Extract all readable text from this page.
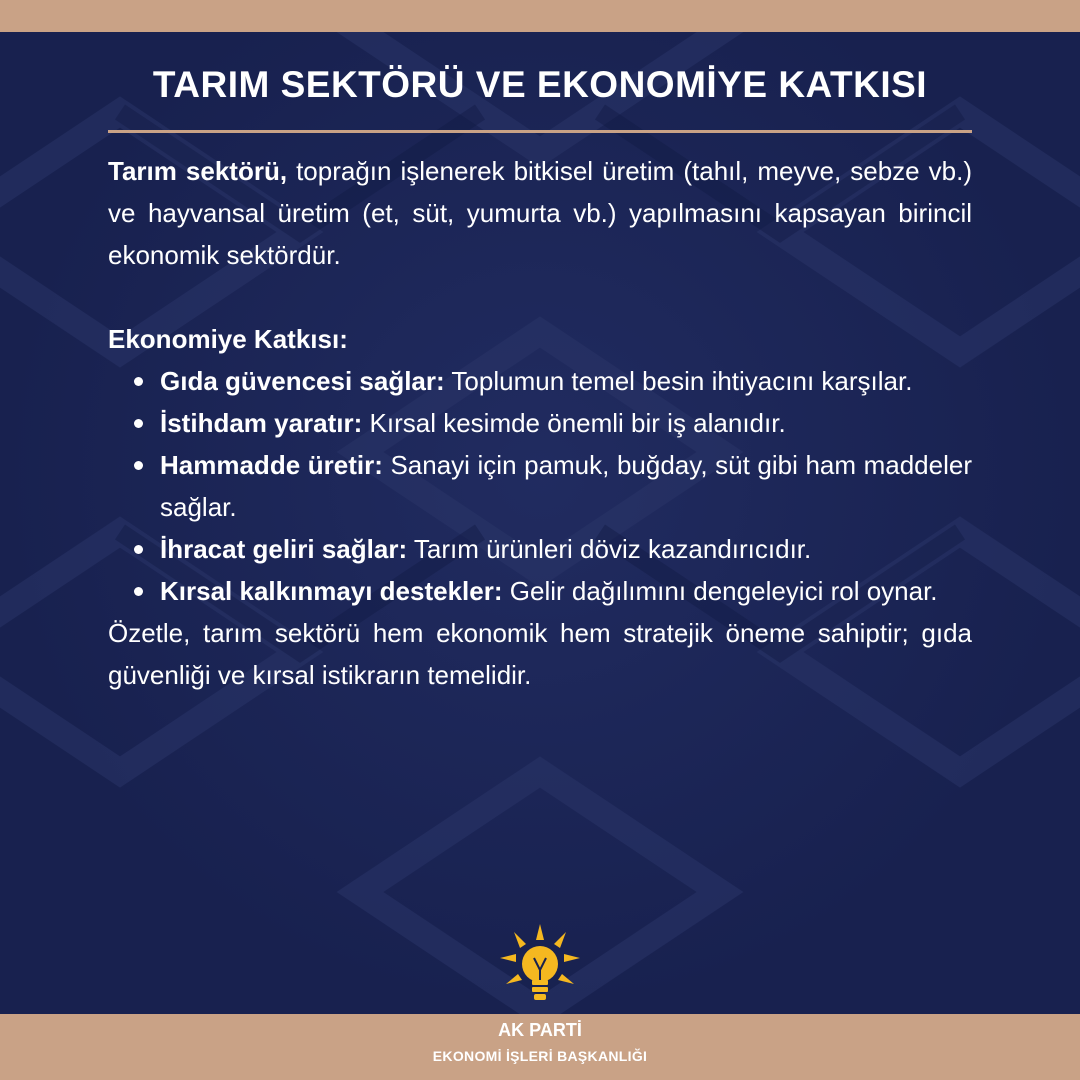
TARIM SEKTÖRÜ VE EKONOMİYE KATKISI

Tarım sektörü, toprağın işlenerek bitkisel üretim (tahıl, meyve, sebze vb.) ve hayvansal üretim (et, süt, yumurta vb.) yapılmasını kapsayan birincil ekonomik sektördür.

Ekonomiye Katkısı:

Gıda güvencesi sağlar: Toplumun temel besin ihtiyacını karşılar.
İstihdam yaratır: Kırsal kesimde önemli bir iş alanıdır.
Hammadde üretir: Sanayi için pamuk, buğday, süt gibi ham maddeler sağlar.
İhracat geliri sağlar: Tarım ürünleri döviz kazandırıcıdır.
Kırsal kalkınmayı destekler: Gelir dağılımını dengeleyici rol oynar.

Özetle, tarım sektörü hem ekonomik hem stratejik öneme sahiptir; gıda güvenliği ve kırsal istikrarın temelidir.

AK PARTİ
EKONOMİ İŞLERİ BAŞKANLIĞI
